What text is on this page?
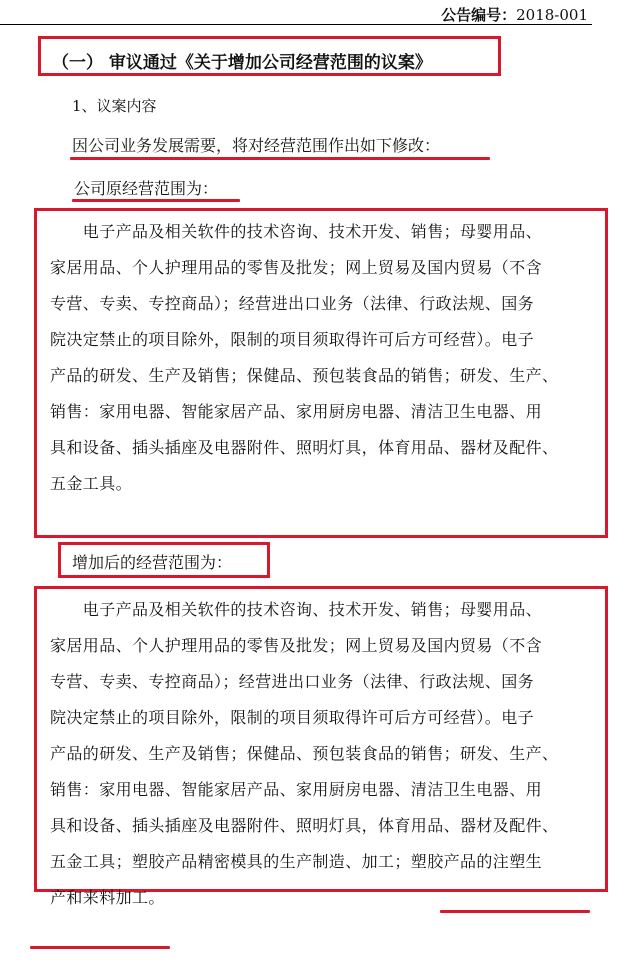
公告编号：2018-001
（一） 审议通过《关于增加公司经营范围的议案》
1、议案内容
因公司业务发展需要，将对经营范围作出如下修改：
公司原经营范围为：

　　电子产品及相关软件的技术咨询、技术开发、销售；母婴用品、
家居用品、个人护理用品的零售及批发；网上贸易及国内贸易（不含
专营、专卖、专控商品）；经营进出口业务（法律、行政法规、国务
院决定禁止的项目除外，限制的项目须取得许可后方可经营）。电子
产品的研发、生产及销售；保健品、预包装食品的销售；研发、生产、
销售：家用电器、智能家居产品、家用厨房电器、清洁卫生电器、用
具和设备、插头插座及电器附件、照明灯具，体育用品、器材及配件、
五金工具。

增加后的经营范围为：

　　电子产品及相关软件的技术咨询、技术开发、销售；母婴用品、
家居用品、个人护理用品的零售及批发；网上贸易及国内贸易（不含
专营、专卖、专控商品）；经营进出口业务（法律、行政法规、国务
院决定禁止的项目除外，限制的项目须取得许可后方可经营）。电子
产品的研发、生产及销售；保健品、预包装食品的销售；研发、生产、
销售：家用电器、智能家居产品、家用厨房电器、清洁卫生电器、用
具和设备、插头插座及电器附件、照明灯具，体育用品、器材及配件、
五金工具；塑胶产品精密模具的生产制造、加工；塑胶产品的注塑生
产和来料加工。
